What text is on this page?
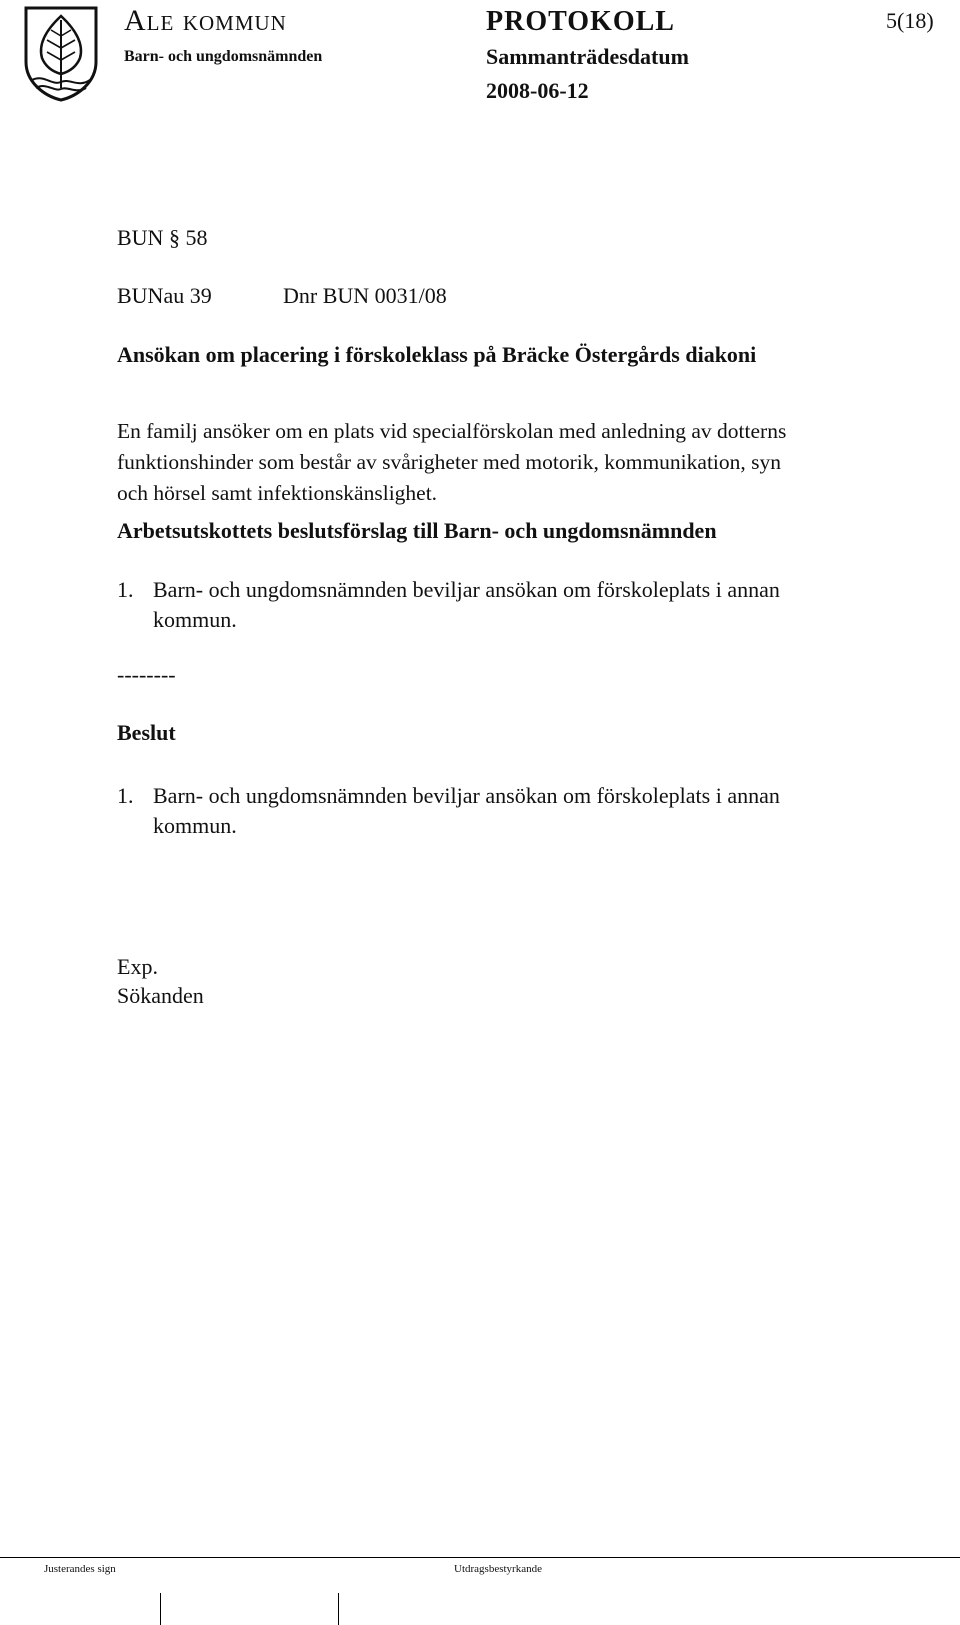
Ale kommun
Barn- och ungdomsnämnden
PROTOKOLL
Sammanträdesdatum
2008-06-12
5(18)
BUN § 58
BUNau 39	Dnr BUN 0031/08
Ansökan om placering i förskoleklass på Bräcke Östergårds diakoni
En familj ansöker om en plats vid specialförskolan med anledning av dotterns
funktionshinder som består av svårigheter med motorik, kommunikation, syn
och hörsel samt infektionskänslighet.
Arbetsutskottets beslutsförslag till Barn- och ungdomsnämnden
1. Barn- och ungdomsnämnden beviljar ansökan om förskoleplats i annan
kommun.
--------
Beslut
1. Barn- och ungdomsnämnden beviljar ansökan om förskoleplats i annan
kommun.
Exp.
Sökanden
Justerandes sign	Utdragsbestyrkande
